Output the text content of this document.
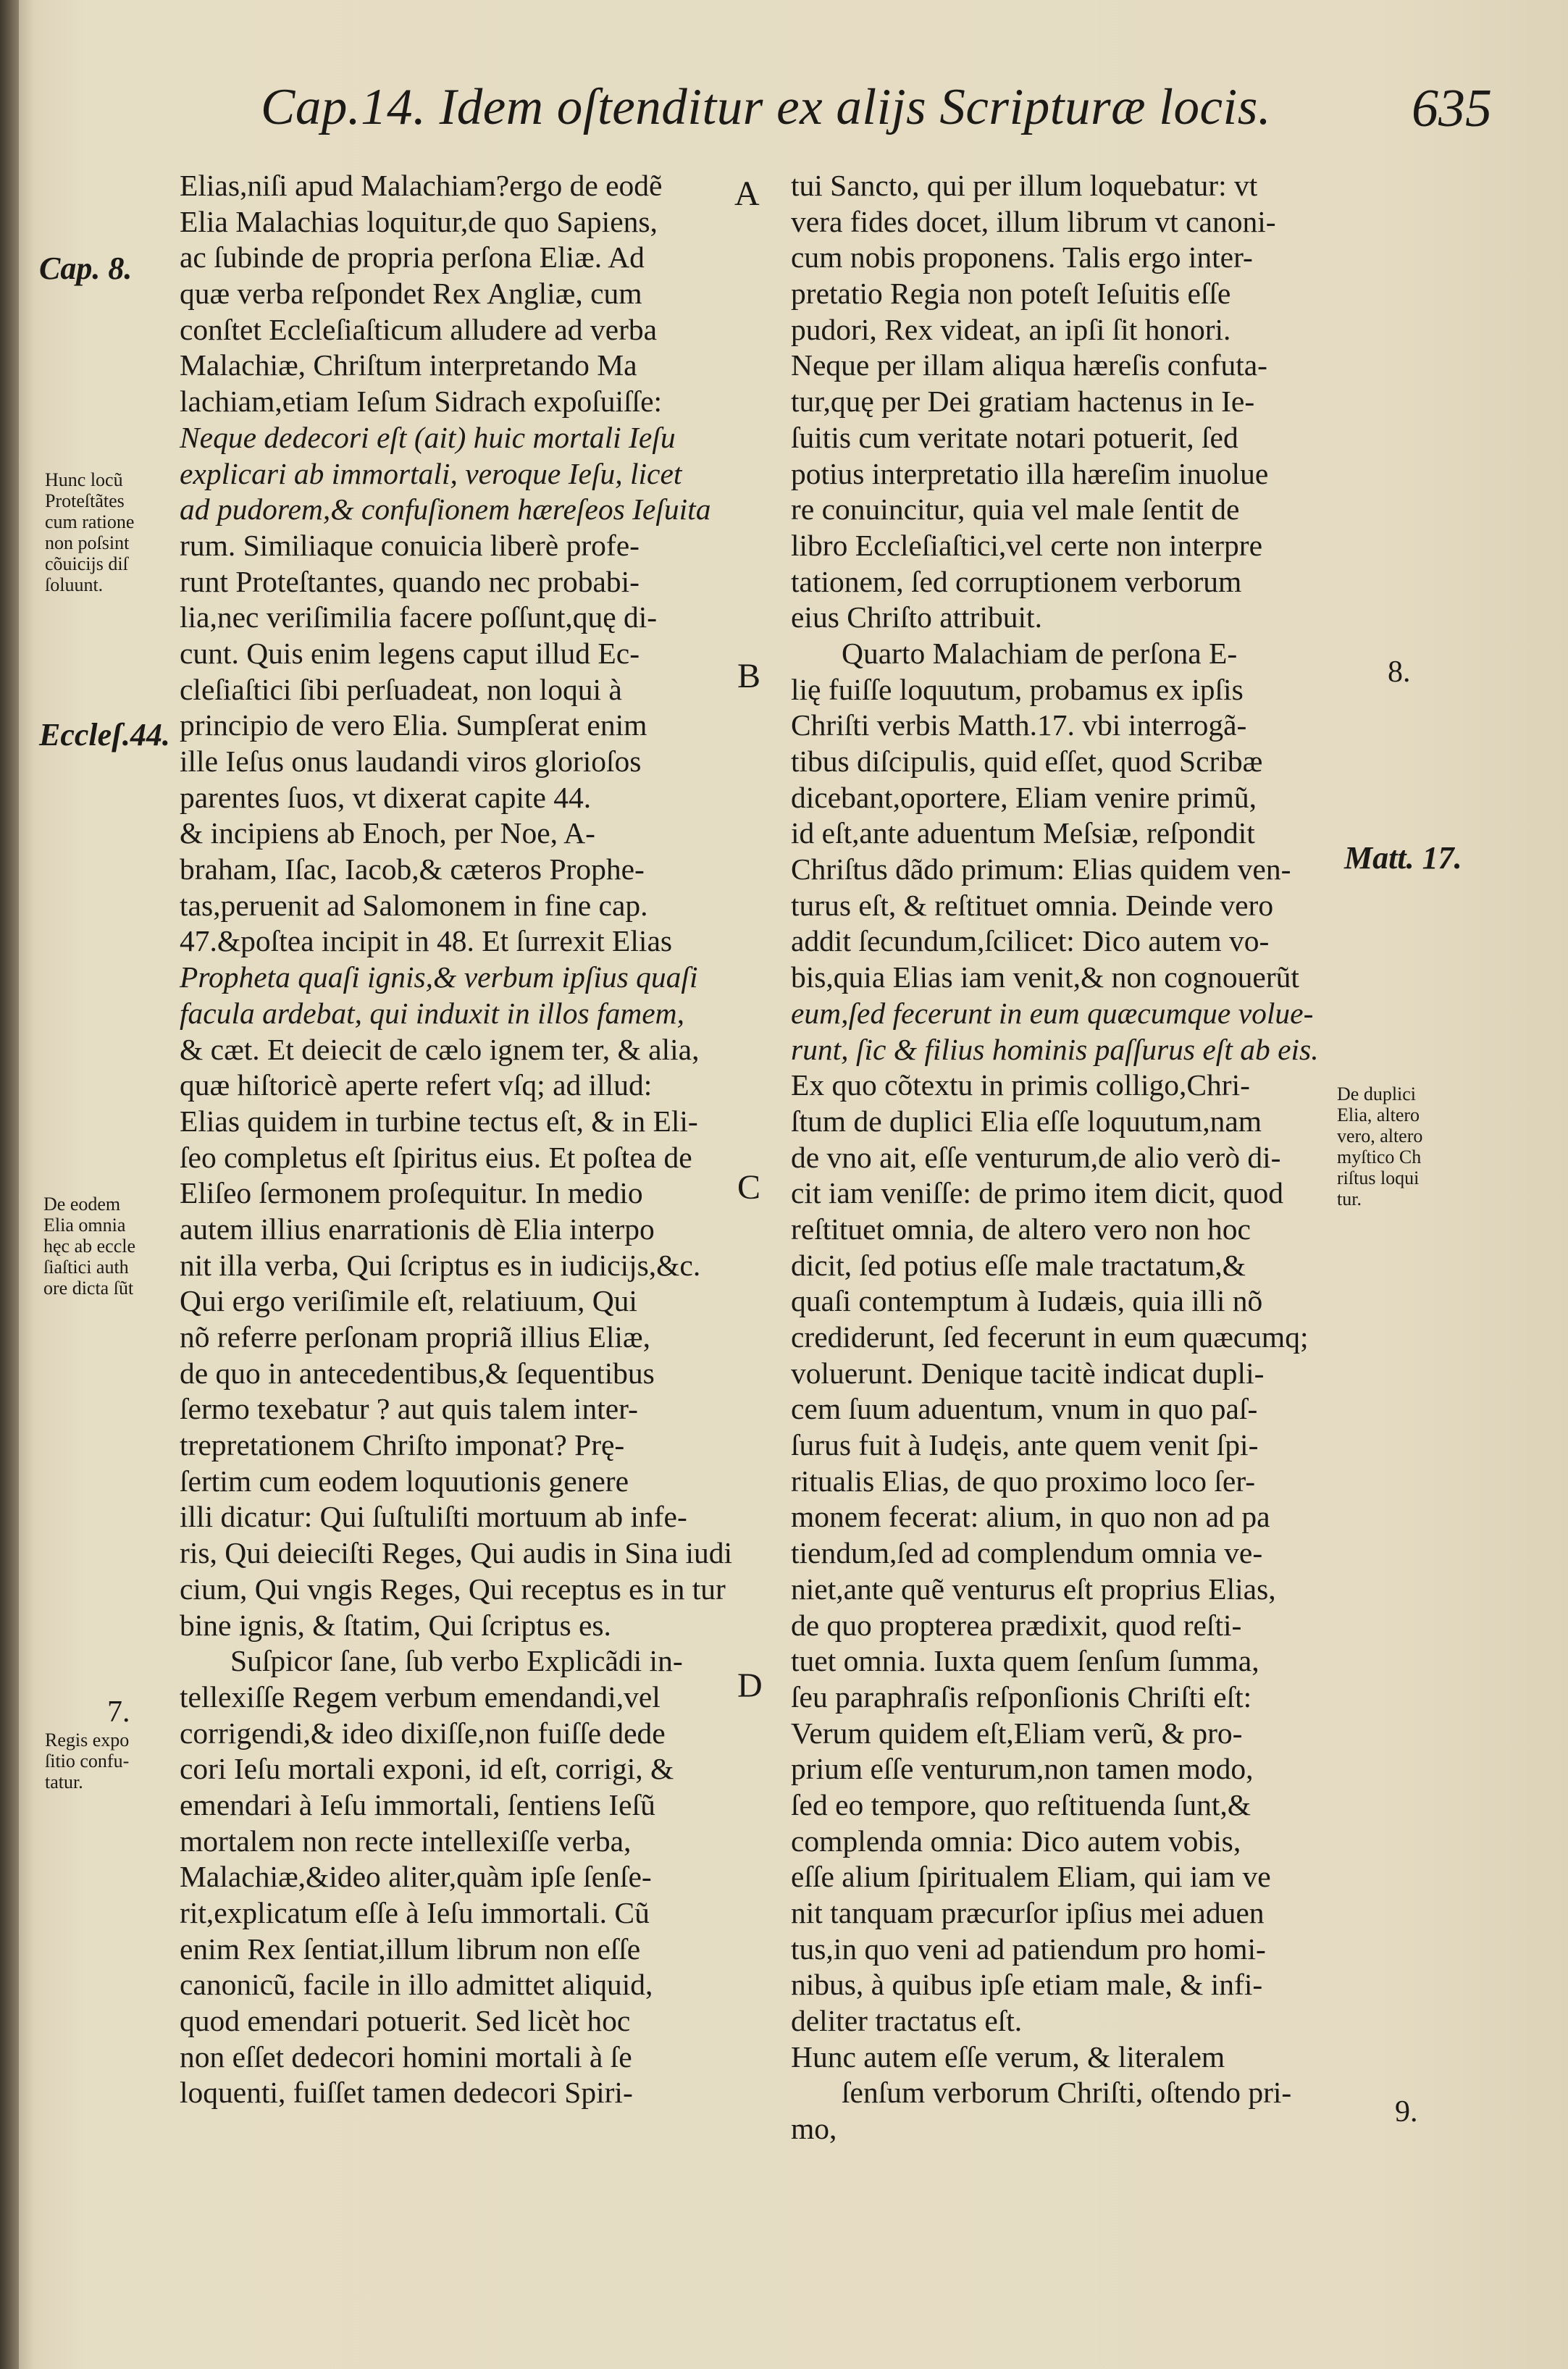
Cap.14. Idem oſtenditur ex alijs Scripturæ locis.	635
Cap. 8.
Hunc locũ
Proteſtãtes
cum ratione
non poſsint
cõuicijs diſ
ſoluunt.
Eccleſ.44.
De eodem
Elia omnia
hęc ab eccle
ſiaſtici auth
ore dicta ſũt
7.
Regis expo
ſitio confu-
tatur.
A
B
C
D
8.
Matt. 17.
De duplici
Elia, altero
vero, altero
myſtico Ch
riſtus loqui
tur.
9.
Elias,niſi apud Malachiam?ergo de eodẽ
Elia Malachias loquitur,de quo Sapiens,
ac ſubinde de propria perſona Eliæ. Ad
quæ verba reſpondet Rex Angliæ, cum
conſtet Eccleſiaſticum alludere ad verba
Malachiæ, Chriſtum interpretando Ma
lachiam,etiam Ieſum Sidrach expoſuiſſe:
Neque dedecori eſt (ait) huic mortali Ieſu
explicari ab immortali, veroque Ieſu, licet
ad pudorem,& confuſionem hæreſeos Ieſuita
rum. Similiaque conuicia liberè profe-
runt Proteſtantes, quando nec probabi-
lia,nec veriſimilia facere poſſunt,quę di-
cunt. Quis enim legens caput illud Ec-
cleſiaſtici ſibi perſuadeat, non loqui à
principio de vero Elia. Sumpſerat enim
ille Ieſus onus laudandi viros glorioſos
parentes ſuos, vt dixerat capite 44.
& incipiens ab Enoch, per Noe, A-
braham, Iſac, Iacob,& cæteros Prophe-
tas,peruenit ad Salomonem in fine cap.
47.&poſtea incipit in 48. Et ſurrexit Elias
Propheta quaſi ignis,& verbum ipſius quaſi
facula ardebat, qui induxit in illos famem,
& cæt. Et deiecit de cælo ignem ter, & alia,
quæ hiſtoricè aperte refert vſq; ad illud:
Elias quidem in turbine tectus eſt, & in Eli-
ſeo completus eſt ſpiritus eius. Et poſtea de
Eliſeo ſermonem proſequitur. In medio
autem illius enarrationis dè Elia interpo
nit illa verba, Qui ſcriptus es in iudicijs,&c.
Qui ergo veriſimile eſt, relatiuum, Qui
nõ referre perſonam propriã illius Eliæ,
de quo in antecedentibus,& ſequentibus
ſermo texebatur ? aut quis talem inter-
trepretationem Chriſto imponat? Prę-
ſertim cum eodem loquutionis genere
illi dicatur: Qui ſuſtuliſti mortuum ab infe-
ris, Qui deieciſti Reges, Qui audis in Sina iudi
cium, Qui vngis Reges, Qui receptus es in tur
bine ignis, & ſtatim, Qui ſcriptus es.
Suſpicor ſane, ſub verbo Explicãdi in-
tellexiſſe Regem verbum emendandi,vel
corrigendi,& ideo dixiſſe,non fuiſſe dede
cori Ieſu mortali exponi, id eſt, corrigi, &
emendari à Ieſu immortali, ſentiens Ieſũ
mortalem non recte intellexiſſe verba,
Malachiæ,&ideo aliter,quàm ipſe ſenſe-
rit,explicatum eſſe à Ieſu immortali. Cũ
enim Rex ſentiat,illum librum non eſſe
canonicũ, facile in illo admittet aliquid,
quod emendari potuerit. Sed licèt hoc
non eſſet dedecori homini mortali à ſe
loquenti, fuiſſet tamen dedecori Spiri-
tui Sancto, qui per illum loquebatur: vt
vera fides docet, illum librum vt canoni-
cum nobis proponens. Talis ergo inter-
pretatio Regia non poteſt Ieſuitis eſſe
pudori, Rex videat, an ipſi ſit honori.
Neque per illam aliqua hæreſis confuta-
tur,quę per Dei gratiam hactenus in Ie-
ſuitis cum veritate notari potuerit, ſed
potius interpretatio illa hæreſim inuolue
re conuincitur, quia vel male ſentit de
libro Eccleſiaſtici,vel certe non interpre
tationem, ſed corruptionem verborum
eius Chriſto attribuit.
Quarto Malachiam de perſona E-
lię fuiſſe loquutum, probamus ex ipſis
Chriſti verbis Matth.17. vbi interrogã-
tibus diſcipulis, quid eſſet, quod Scribæ
dicebant,oportere, Eliam venire primũ,
id eſt,ante aduentum Meſsiæ, reſpondit
Chriſtus dãdo primum: Elias quidem ven-
turus eſt, & reſtituet omnia. Deinde vero
addit ſecundum,ſcilicet: Dico autem vo-
bis,quia Elias iam venit,& non cognouerũt
eum,ſed fecerunt in eum quæcumque volue-
runt, ſic & filius hominis paſſurus eſt ab eis.
Ex quo cõtextu in primis colligo,Chri-
ſtum de duplici Elia eſſe loquutum,nam
de vno ait, eſſe venturum,de alio verò di-
cit iam veniſſe: de primo item dicit, quod
reſtituet omnia, de altero vero non hoc
dicit, ſed potius eſſe male tractatum,&
quaſi contemptum à Iudæis, quia illi nõ
crediderunt, ſed fecerunt in eum quæcumq;
voluerunt. Denique tacitè indicat dupli-
cem ſuum aduentum, vnum in quo paſ-
ſurus fuit à Iudęis, ante quem venit ſpi-
ritualis Elias, de quo proximo loco ſer-
monem fecerat: alium, in quo non ad pa
tiendum,ſed ad complendum omnia ve-
niet,ante quẽ venturus eſt proprius Elias,
de quo propterea prædixit, quod reſti-
tuet omnia. Iuxta quem ſenſum ſumma,
ſeu paraphraſis reſponſionis Chriſti eſt:
Verum quidem eſt,Eliam verũ, & pro-
prium eſſe venturum,non tamen modo,
ſed eo tempore, quo reſtituenda ſunt,&
complenda omnia: Dico autem vobis,
eſſe alium ſpiritualem Eliam, qui iam ve
nit tanquam præcurſor ipſius mei aduen
tus,in quo veni ad patiendum pro homi-
nibus, à quibus ipſe etiam male, & infi-
deliter tractatus eſt.
Hunc autem eſſe verum, & literalem
ſenſum verborum Chriſti, oſtendo pri-
mo,
